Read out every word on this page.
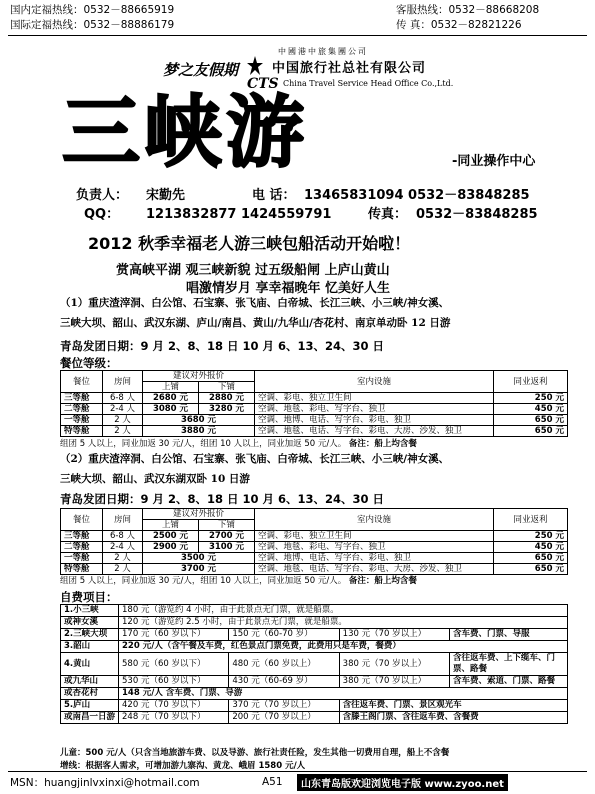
国内定福热线：0532－88665919
国际定福热线：0532－88886179
客服热线：0532－88668208
传 真：0532－82821226
梦之友假期
中國港中旅集團公司
CTS
中国旅行社总社有限公司
China Travel Service Head Office Co.,Ltd.
三峡游	-同业操作中心
负责人： 宋勤先	电 话： 13465831094 0532－83848285
QQ： 1213832877 1424559791	传真： 0532－83848285
2012 秋季幸福老人游三峡包船活动开始啦！
赏高峡平湖 观三峡新貌 过五级船闸 上庐山黄山
唱激情岁月 享幸福晚年 忆美好人生
（1）重庆渣滓洞、白公馆、石宝寨、张飞庙、白帝城、长江三峡、小三峡/神女溪、
三峡大坝、韶山、武汉东湖、庐山/南昌、黄山/九华山/杏花村、南京单动卧 12 日游
青岛发团日期：9 月 2、8、18 日 10 月 6、13、24、30 日
餐位等级：
餐位	房间	建议对外报价		室内设施	同业返利
		上铺	下铺		
三等舱	6-8 人	2680 元	2880 元	空调、彩电、独立卫生间	250 元
二等舱	2-4 人	3080 元	3280 元	空调、地毯、彩电、写字台、独卫	450 元
一等舱	2 人	3680 元		空调、地博、电话、写字台、彩电、独卫	650 元
特等舱	2 人	3880 元		空调、地毯、电话、写字台、彩电、大房、沙发、独卫	650 元
组团 5 人以上，同业加返 30 元/人，组团 10 人以上，同业加返 50 元/人。 备注：船上均含餐
（2）重庆渣滓洞、白公馆、石宝寨、张飞庙、白帝城、长江三峡、小三峡/神女溪、
三峡大坝、韶山、武汉东湖双卧 10 日游
青岛发团日期：9 月 2、8、18 日 10 月 6、13、24、30 日
餐位	房间	建议对外报价		室内设施	同业返利
		上铺	下铺		
三等舱	6-8 人	2500 元	2700 元	空调、彩电、独立卫生间	250 元
二等舱	2-4 人	2900 元	3100 元	空调、地毯、彩电、写字台、独卫	450 元
一等舱	2 人	3500 元		空调、地博、电话、写字台、彩电、独卫	650 元
特等舱	2 人	3700 元		空调、地毯、电话、写字台、彩电、大房、沙发、独卫	650 元
组团 5 人以上，同业加返 30 元/人，组团 10 人以上，同业加返 50 元/人。 备注：船上均含餐
自费项目：
1.小三峡	180 元（游览约 4 小时，由于此景点无门票，就是船票。			
或神女溪	120 元（游览约 2.5 小时，由于此景点无门票，就是船票。			
2.三峡大坝	170 元（60 岁以下）	150 元（60-70 岁）	130 元（70 岁以上）	含车费、门票、导服
3.韶山	220 元/人（含午餐及车费，红色景点门票免费，此费用只是车费，餐费）			
4.黄山	580 元（60 岁以下）	480 元（60 岁以上）	380 元（70 岁以上）	含往返车费、上下缆车、门票、路餐
或九华山	530 元（60 岁以下）	430 元（60-69 岁）	380 元（70 岁以上）	含车费、索道、门票、路餐
或杏花村	148 元/人 含车费、门票、导游			
5.庐山	420 元（70 岁以下）	370 元（70 岁以上）	含往返车费、门票、景区观光车	
或南昌一日游	248 元（70 岁以下）	200 元（70 岁以上）	含滕王阁门票、含往返车费、含餐费	
儿童：500 元/人（只含当地旅游车费、以及导游、旅行社责任险，发生其他一切费用自理，船上不含餐
增线：根据客人需求，可增加游九寨沟、黄龙、峨眉 1580 元/人
MSN：huangjinlvxinxi@hotmail.com	A51	山东青岛版欢迎浏览电子版 www.zyoo.net
